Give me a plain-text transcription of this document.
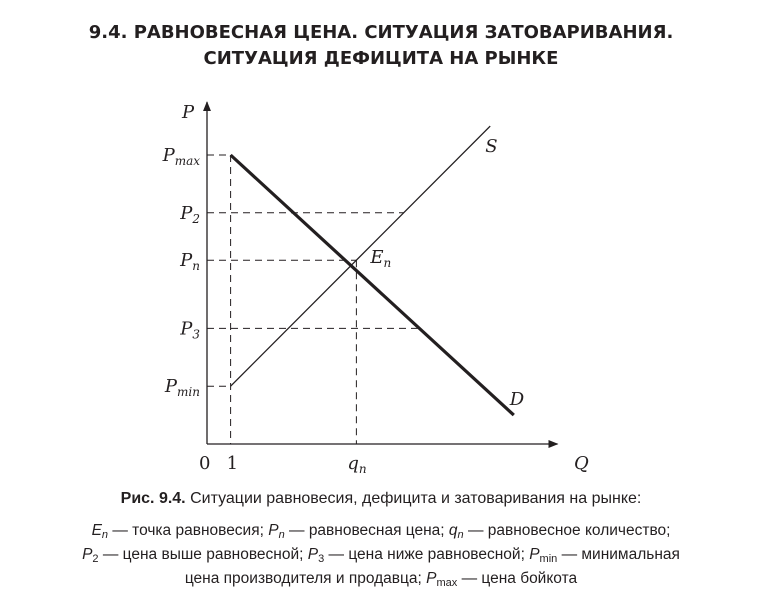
9.4. РАВНОВЕСНАЯ ЦЕНА. СИТУАЦИЯ ЗАТОВАРИВАНИЯ.
СИТУАЦИЯ ДЕФИЦИТА НА РЫНКЕ
P
Q
0
$P_{max}$
$P_2$
$P_n$
$P_3$
$P_{min}$
1	$q_n$
S
D
$E_n$
Рис. 9.4. Ситуации равновесия, дефицита и затоваривания на рынке:
$E_n$ — точка равновесия; $P_n$ — равновесная цена; $q_n$ — равновесное количество;
$P_2$ — цена выше равновесной; $P_3$ — цена ниже равновесной; $P_{min}$ — минимальная
цена производителя и продавца; $P_{max}$ — цена бойкота
